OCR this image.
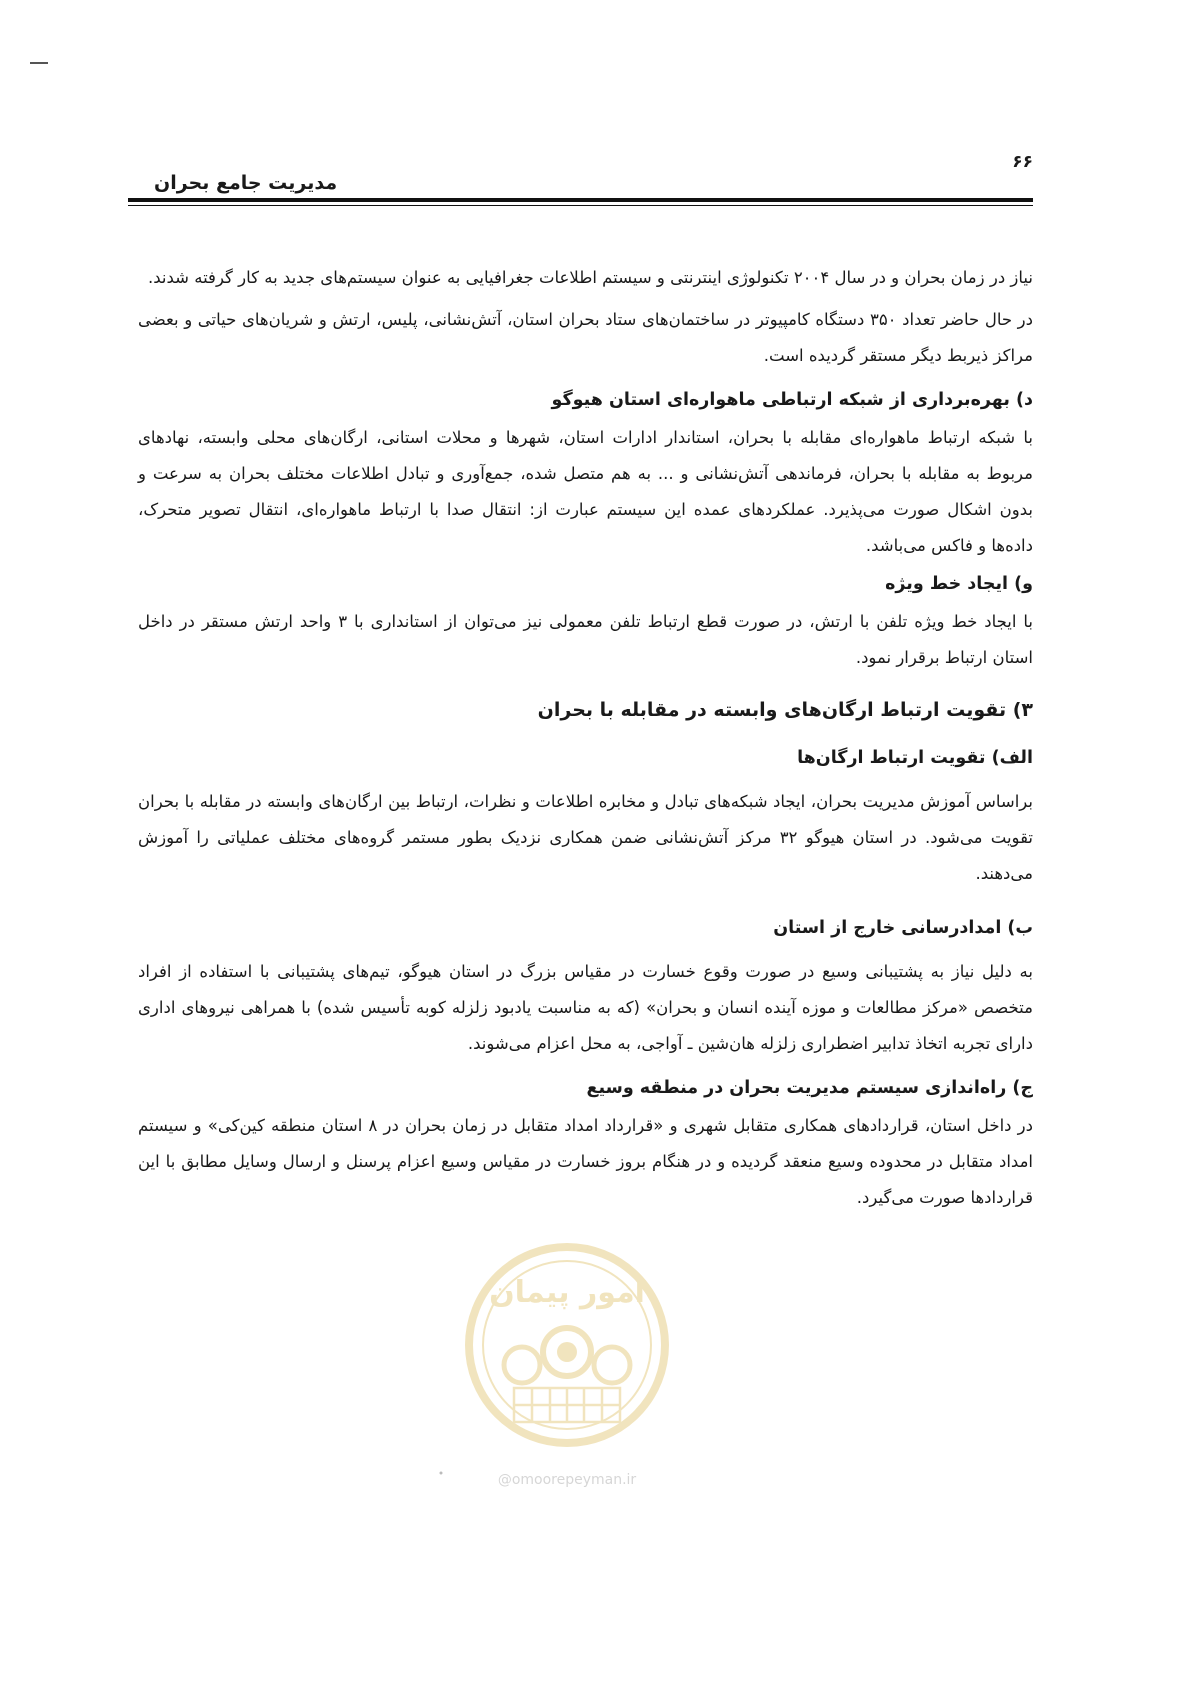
۶۶
مدیریت جامع بحران

نیاز در زمان بحران و در سال ۲۰۰۴ تکنولوژی اینترنتی و سیستم اطلاعات جغرافیایی به عنوان سیستم‌های جدید به کار گرفته شدند.

در حال حاضر تعداد ۳۵۰ دستگاه کامپیوتر در ساختمان‌های ستاد بحران استان، آتش‌نشانی، پلیس، ارتش و شریان‌های حیاتی و بعضی مراکز ذیربط دیگر مستقر گردیده است.

د) بهره‌برداری از شبکه ارتباطی ماهواره‌ای استان هیوگو

با شبکه ارتباط ماهواره‌ای مقابله با بحران، استاندار ادارات استان، شهرها و محلات استانی، ارگان‌های محلی وابسته، نهادهای مربوط به مقابله با بحران، فرماندهی آتش‌نشانی و ... به هم متصل شده، جمع‌آوری و تبادل اطلاعات مختلف بحران به سرعت و بدون اشکال صورت می‌پذیرد. عملکردهای عمده این سیستم عبارت از: انتقال صدا با ارتباط ماهواره‌ای، انتقال تصویر متحرک، داده‌ها و فاکس می‌باشد.

و) ایجاد خط ویژه

با ایجاد خط ویژه تلفن با ارتش، در صورت قطع ارتباط تلفن معمولی نیز می‌توان از استانداری با ۳ واحد ارتش مستقر در داخل استان ارتباط برقرار نمود.

۳) تقویت ارتباط ارگان‌های وابسته در مقابله با بحران
الف) تقویت ارتباط ارگان‌ها

براساس آموزش مدیریت بحران، ایجاد شبکه‌های تبادل و مخابره اطلاعات و نظرات، ارتباط بین ارگان‌های وابسته در مقابله با بحران تقویت می‌شود. در استان هیوگو ۳۲ مرکز آتش‌نشانی ضمن همکاری نزدیک بطور مستمر گروه‌های مختلف عملیاتی را آموزش می‌دهند.

ب) امدادرسانی خارج از استان

به دلیل نیاز به پشتیبانی وسیع در صورت وقوع خسارت در مقیاس بزرگ در استان هیوگو، تیم‌های پشتیبانی با استفاده از افراد متخصص «مرکز مطالعات و موزه آینده انسان و بحران» (که به مناسبت یادبود زلزله کوبه تأسیس شده) با همراهی نیروهای اداری دارای تجربه اتخاذ تدابیر اضطراری زلزله هان‌شین ـ آواجی، به محل اعزام می‌شوند.

ج) راه‌اندازی سیستم مدیریت بحران در منطقه وسیع

در داخل استان، قراردادهای همکاری متقابل شهری و «قرارداد امداد متقابل در زمان بحران در ۸ استان منطقه کین‌کی» و سیستم امداد متقابل در محدوده وسیع منعقد گردیده و در هنگام بروز خسارت در مقیاس وسیع اعزام پرسنل و ارسال وسایل مطابق با این قراردادها صورت می‌گیرد.

امور پیمان
@omoorepeyman.ir
